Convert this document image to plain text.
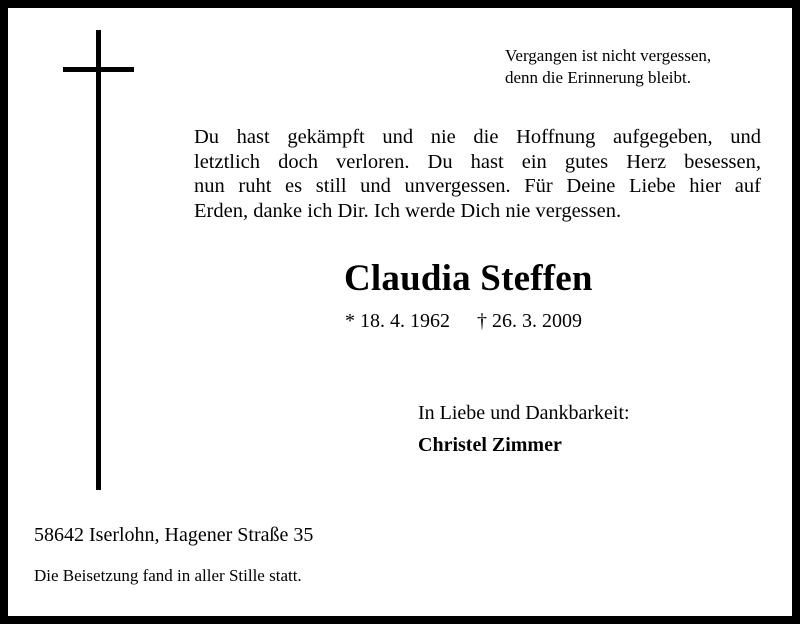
Vergangen ist nicht vergessen,
denn die Erinnerung bleibt.
Du hast gekämpft und nie die Hoffnung aufgegeben, und
letztlich doch verloren. Du hast ein gutes Herz besessen,
nun ruht es still und unvergessen. Für Deine Liebe hier auf
Erden, danke ich Dir. Ich werde Dich nie vergessen.
Claudia Steffen
* 18. 4. 1962 † 26. 3. 2009
In Liebe und Dankbarkeit:
Christel Zimmer
58642 Iserlohn, Hagener Straße 35
Die Beisetzung fand in aller Stille statt.
